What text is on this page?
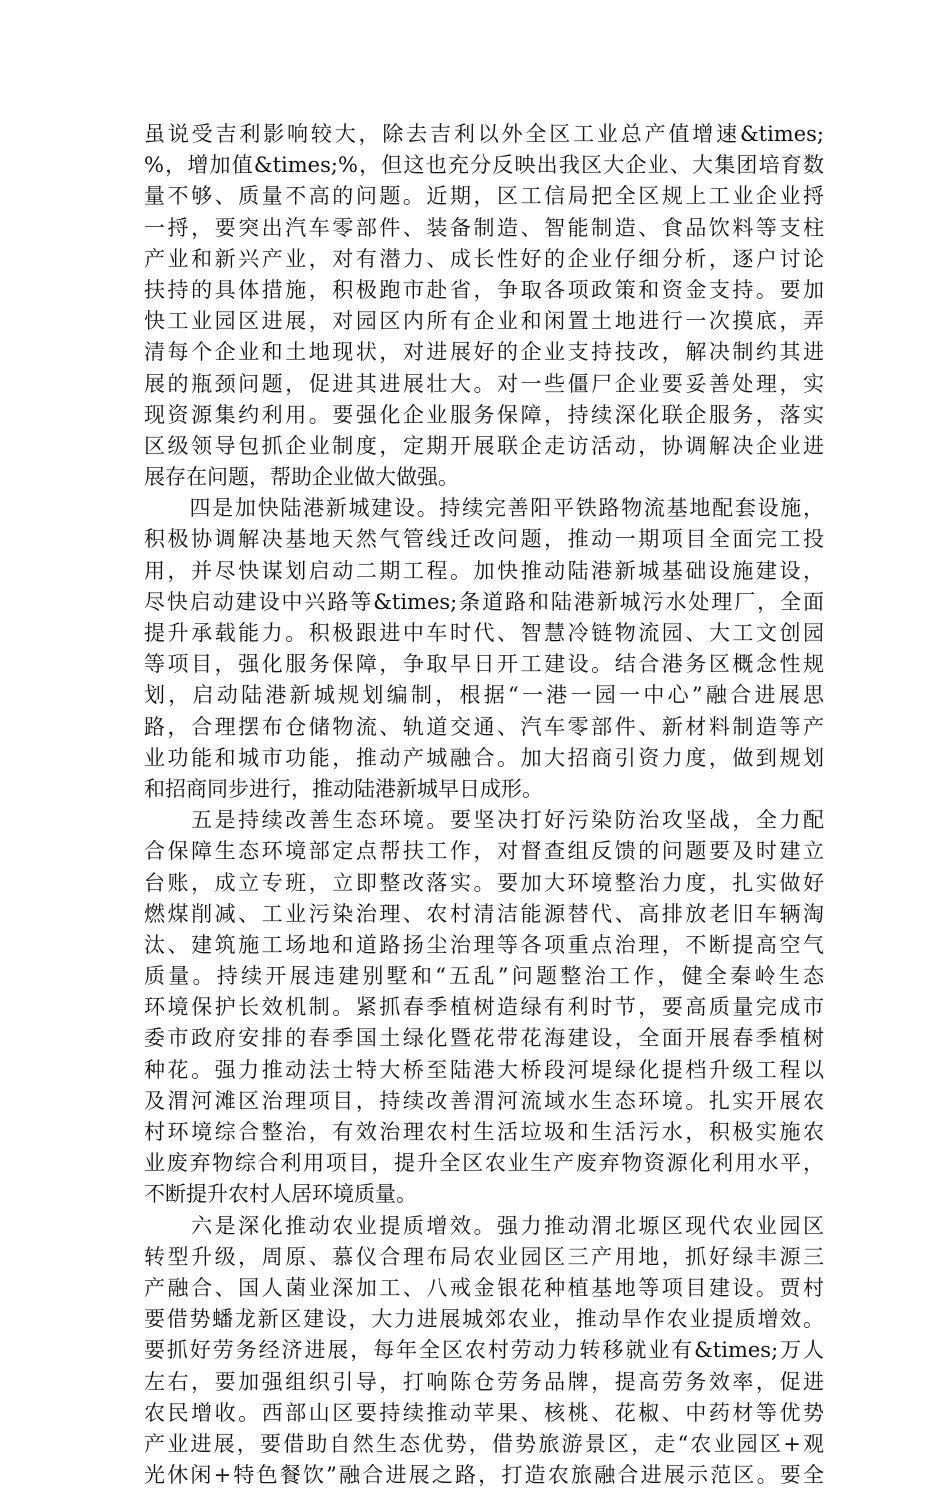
虽说受吉利影响较大，除去吉利以外全区工业总产值增速&times;
%，增加值&times;%，但这也充分反映出我区大企业、大集团培育数
量不够、质量不高的问题。近期，区工信局把全区规上工业企业捋
一捋，要突出汽车零部件、装备制造、智能制造、食品饮料等支柱
产业和新兴产业，对有潜力、成长性好的企业仔细分析，逐户讨论
扶持的具体措施，积极跑市赴省，争取各项政策和资金支持。要加
快工业园区进展，对园区内所有企业和闲置土地进行一次摸底，弄
清每个企业和土地现状，对进展好的企业支持技改，解决制约其进
展的瓶颈问题，促进其进展壮大。对一些僵尸企业要妥善处理，实
现资源集约利用。要强化企业服务保障，持续深化联企服务，落实
区级领导包抓企业制度，定期开展联企走访活动，协调解决企业进
展存在问题，帮助企业做大做强。
　　四是加快陆港新城建设。持续完善阳平铁路物流基地配套设施，
积极协调解决基地天然气管线迁改问题，推动一期项目全面完工投
用，并尽快谋划启动二期工程。加快推动陆港新城基础设施建设，
尽快启动建设中兴路等&times;条道路和陆港新城污水处理厂，全面
提升承载能力。积极跟进中车时代、智慧冷链物流园、大工文创园
等项目，强化服务保障，争取早日开工建设。结合港务区概念性规
划，启动陆港新城规划编制，根据“一港一园一中心”融合进展思
路，合理摆布仓储物流、轨道交通、汽车零部件、新材料制造等产
业功能和城市功能，推动产城融合。加大招商引资力度，做到规划
和招商同步进行，推动陆港新城早日成形。
　　五是持续改善生态环境。要坚决打好污染防治攻坚战，全力配
合保障生态环境部定点帮扶工作，对督查组反馈的问题要及时建立
台账，成立专班，立即整改落实。要加大环境整治力度，扎实做好
燃煤削减、工业污染治理、农村清洁能源替代、高排放老旧车辆淘
汰、建筑施工场地和道路扬尘治理等各项重点治理，不断提高空气
质量。持续开展违建别墅和“五乱”问题整治工作，健全秦岭生态
环境保护长效机制。紧抓春季植树造绿有利时节，要高质量完成市
委市政府安排的春季国土绿化暨花带花海建设，全面开展春季植树
种花。强力推动法士特大桥至陆港大桥段河堤绿化提档升级工程以
及渭河滩区治理项目，持续改善渭河流域水生态环境。扎实开展农
村环境综合整治，有效治理农村生活垃圾和生活污水，积极实施农
业废弃物综合利用项目，提升全区农业生产废弃物资源化利用水平，
不断提升农村人居环境质量。
　　六是深化推动农业提质增效。强力推动渭北塬区现代农业园区
转型升级，周原、慕仪合理布局农业园区三产用地，抓好绿丰源三
产融合、国人菌业深加工、八戒金银花种植基地等项目建设。贾村
要借势蟠龙新区建设，大力进展城郊农业，推动旱作农业提质增效。
要抓好劳务经济进展，每年全区农村劳动力转移就业有&times;万人
左右，要加强组织引导，打响陈仓劳务品牌，提高劳务效率，促进
农民增收。西部山区要持续推动苹果、核桃、花椒、中药材等优势
产业进展，要借助自然生态优势，借势旅游景区，走“农业园区+观
光休闲+特色餐饮”融合进展之路，打造农旅融合进展示范区。要全
